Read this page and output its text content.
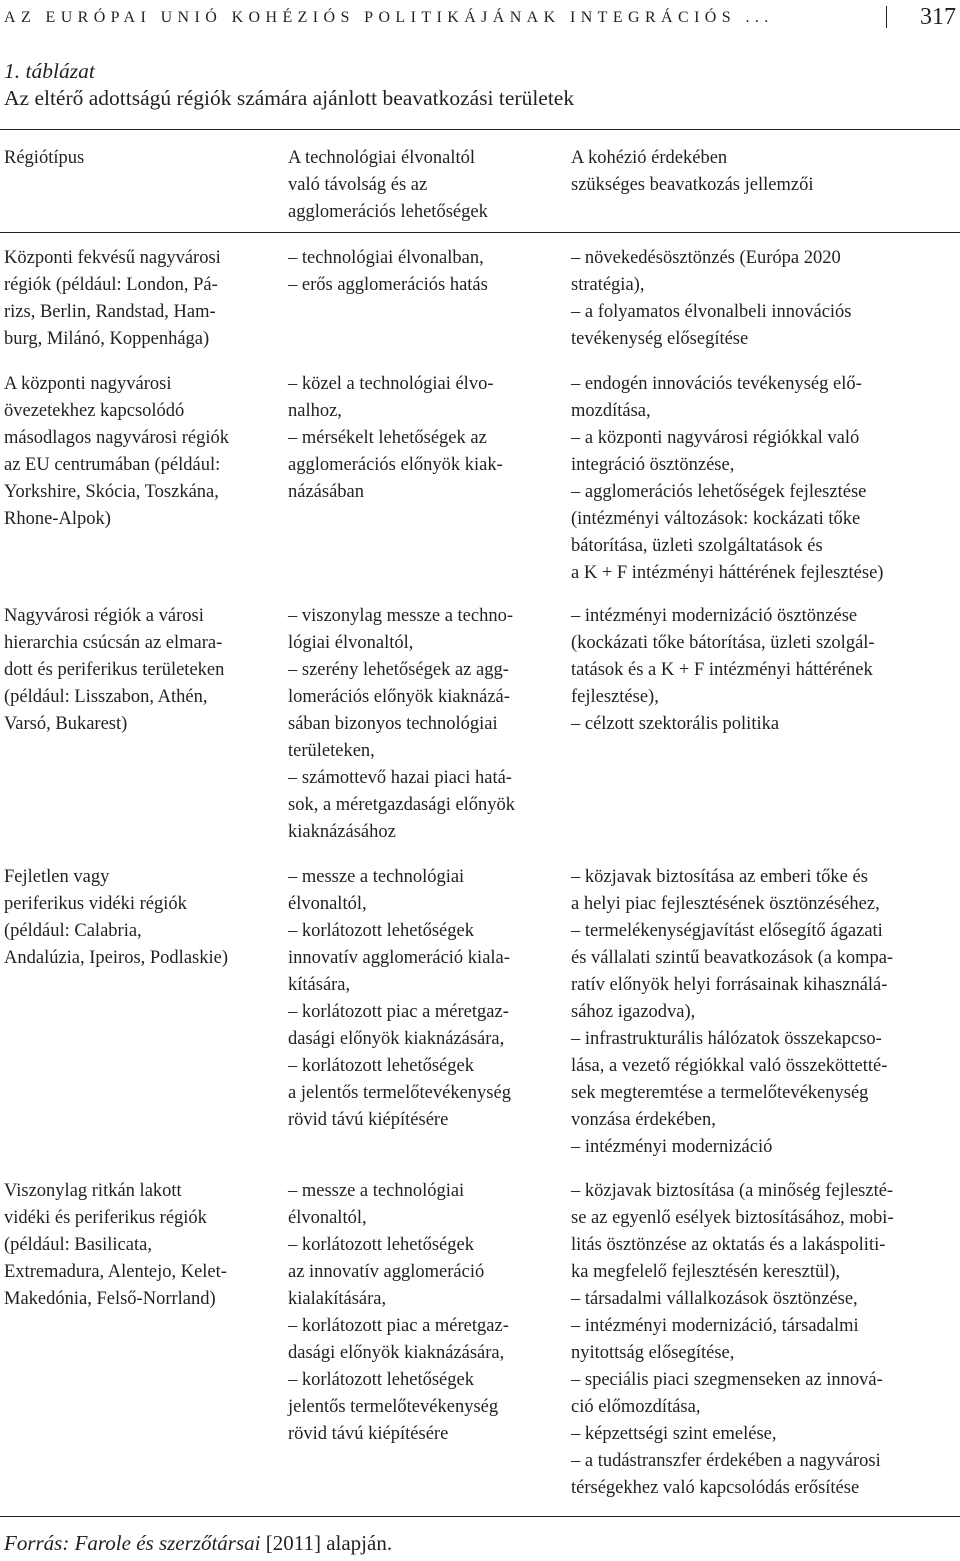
AZ EURÓPAI UNIÓ KOHÉZIÓS POLITIKÁJÁNAK INTEGRÁCIÓS ...	317
1. táblázat
Az eltérő adottságú régiók számára ajánlott beavatkozási területek
Régiótípus	A technológiai élvonaltól
való távolság és az
agglomerációs lehetőségek
A kohézió érdekében
szükséges beavatkozás jellemzői
Központi fekvésű nagyvárosi
régiók (például: London, Pá-
rizs, Berlin, Randstad, Ham-
burg, Milánó, Koppenhága)
– technológiai élvonalban,
– erős agglomerációs hatás
– növekedésösztönzés (Európa 2020
stratégia),
– a folyamatos élvonalbeli innovációs
tevékenység elősegítése
A központi nagyvárosi
övezetekhez kapcsolódó
másodlagos nagyvárosi régiók
az EU centrumában (például:
Yorkshire, Skócia, Toszkána,
Rhone-Alpok)
– közel a technológiai élvo-
nalhoz,
– mérsékelt lehetőségek az
agglomerációs előnyök kiak-
názásában
– endogén innovációs tevékenység elő-
mozdítása,
– a központi nagyvárosi régiókkal való
integráció ösztönzése,
– agglomerációs lehetőségek fejlesztése
(intézményi változások: kockázati tőke
bátorítása, üzleti szolgáltatások és
a K + F intézményi háttérének fejlesztése)
Nagyvárosi régiók a városi
hierarchia csúcsán az elmara-
dott és periferikus területeken
(például: Lisszabon, Athén,
Varsó, Bukarest)
– viszonylag messze a techno-
lógiai élvonaltól,
– szerény lehetőségek az agg-
lomerációs előnyök kiaknázá-
sában bizonyos technológiai
területeken,
– számottevő hazai piaci hatá-
sok, a méretgazdasági előnyök
kiaknázásához
– intézményi modernizáció ösztönzése
(kockázati tőke bátorítása, üzleti szolgál-
tatások és a K + F intézményi háttérének
fejlesztése),
– célzott szektorális politika
Fejletlen vagy
periferikus vidéki régiók
(például: Calabria,
Andalúzia, Ipeiros, Podlaskie)
– messze a technológiai
élvonaltól,
– korlátozott lehetőségek
innovatív agglomeráció kiala-
kítására,
– korlátozott piac a méretgaz-
dasági előnyök kiaknázására,
– korlátozott lehetőségek
a jelentős termelőtevékenység
rövid távú kiépítésére
– közjavak biztosítása az emberi tőke és
a helyi piac fejlesztésének ösztönzéséhez,
– termelékenységjavítást elősegítő ágazati
és vállalati szintű beavatkozások (a kompa-
ratív előnyök helyi forrásainak kihasználá-
sához igazodva),
– infrastrukturális hálózatok összekapcso-
lása, a vezető régiókkal való összeköttetté-
sek megteremtése a termelőtevékenység
vonzása érdekében,
– intézményi modernizáció
Viszonylag ritkán lakott
vidéki és periferikus régiók
(például: Basilicata,
Extremadura, Alentejo, Kelet-
Makedónia, Felső-Norrland)
– messze a technológiai
élvonaltól,
– korlátozott lehetőségek
az innovatív agglomeráció
kialakítására,
– korlátozott piac a méretgaz-
dasági előnyök kiaknázására,
– korlátozott lehetőségek
jelentős termelőtevékenység
rövid távú kiépítésére
– közjavak biztosítása (a minőség fejleszté-
se az egyenlő esélyek biztosításához, mobi-
litás ösztönzése az oktatás és a lakáspoliti-
ka megfelelő fejlesztésén keresztül),
– társadalmi vállalkozások ösztönzése,
– intézményi modernizáció, társadalmi
nyitottság elősegítése,
– speciális piaci szegmenseken az innová-
ció előmozdítása,
– képzettségi szint emelése,
– a tudástranszfer érdekében a nagyvárosi
térségekhez való kapcsolódás erősítése
Forrás: Farole és szerzőtársai [2011] alapján.
